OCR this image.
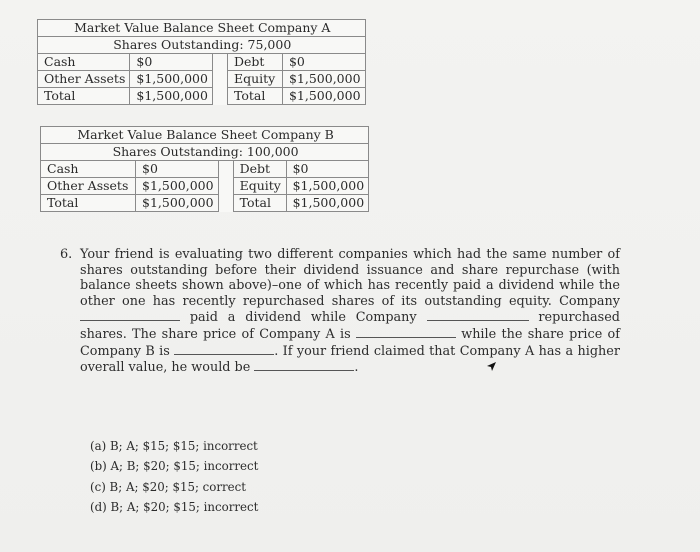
Market Value Balance Sheet Company A				
Shares Outstanding: 75,000				
Cash	$0		Debt	$0
Other Assets	$1,500,000		Equity	$1,500,000
Total	$1,500,000		Total	$1,500,000
Market Value Balance Sheet Company B				
Shares Outstanding: 100,000				
Cash	$0		Debt	$0
Other Assets	$1,500,000		Equity	$1,500,000
Total	$1,500,000		Total	$1,500,000
6. Your friend is evaluating two different companies which had the same number of shares outstanding before their dividend issuance and share repurchase (with balance sheets shown above)–one of which has recently paid a dividend while the other one has recently repurchased shares of its outstanding equity. Company  paid a dividend while Company	repurchased shares. The share price of Company A is	while the share price of Company B is	. If your friend claimed that Company A has a higher overall value, he would be	.
(a) B; A; $15; $15; incorrect
(b) A; B; $20; $15; incorrect
(c) B; A; $20; $15; correct
(d) B; A; $20; $15; incorrect
